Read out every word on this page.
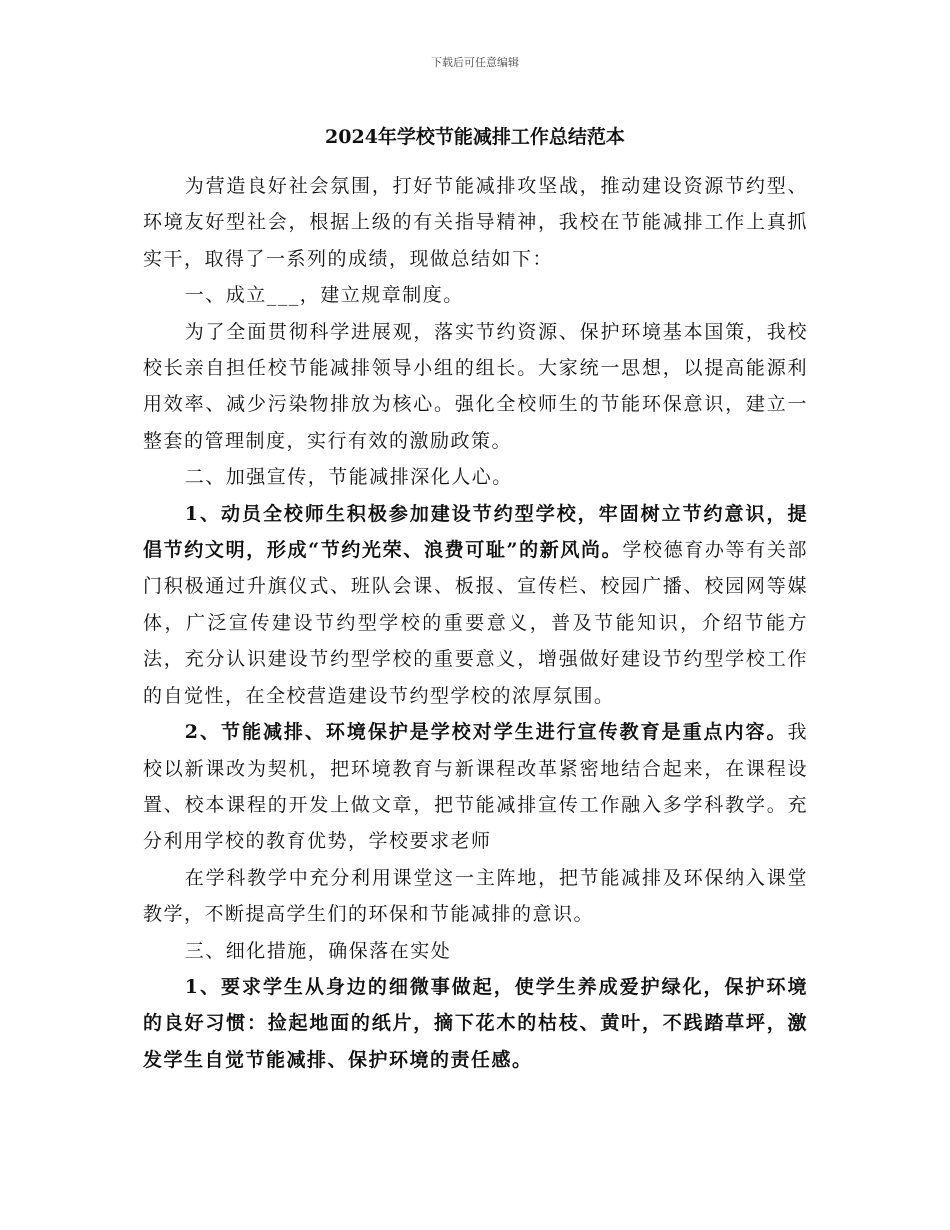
下载后可任意编辑
2024年学校节能减排工作总结范本

为营造良好社会氛围，打好节能减排攻坚战，推动建设资源节约型、环境友好型社会，根据上级的有关指导精神，我校在节能减排工作上真抓实干，取得了一系列的成绩，现做总结如下：

一、成立___，建立规章制度。

为了全面贯彻科学进展观，落实节约资源、保护环境基本国策，我校校长亲自担任校节能减排领导小组的组长。大家统一思想，以提高能源利用效率、减少污染物排放为核心。强化全校师生的节能环保意识，建立一整套的管理制度，实行有效的激励政策。

二、加强宣传，节能减排深化人心。

1、动员全校师生积极参加建设节约型学校，牢固树立节约意识，提倡节约文明，形成“节约光荣、浪费可耻”的新风尚。学校德育办等有关部门积极通过升旗仪式、班队会课、板报、宣传栏、校园广播、校园网等媒体，广泛宣传建设节约型学校的重要意义，普及节能知识，介绍节能方法，充分认识建设节约型学校的重要意义，增强做好建设节约型学校工作的自觉性，在全校营造建设节约型学校的浓厚氛围。

2、节能减排、环境保护是学校对学生进行宣传教育是重点内容。我校以新课改为契机，把环境教育与新课程改革紧密地结合起来，在课程设置、校本课程的开发上做文章，把节能减排宣传工作融入多学科教学。充分利用学校的教育优势，学校要求老师

在学科教学中充分利用课堂这一主阵地，把节能减排及环保纳入课堂教学，不断提高学生们的环保和节能减排的意识。

三、细化措施，确保落在实处

1、要求学生从身边的细微事做起，使学生养成爱护绿化，保护环境的良好习惯：捡起地面的纸片，摘下花木的枯枝、黄叶，不践踏草坪，激发学生自觉节能减排、保护环境的责任感。
